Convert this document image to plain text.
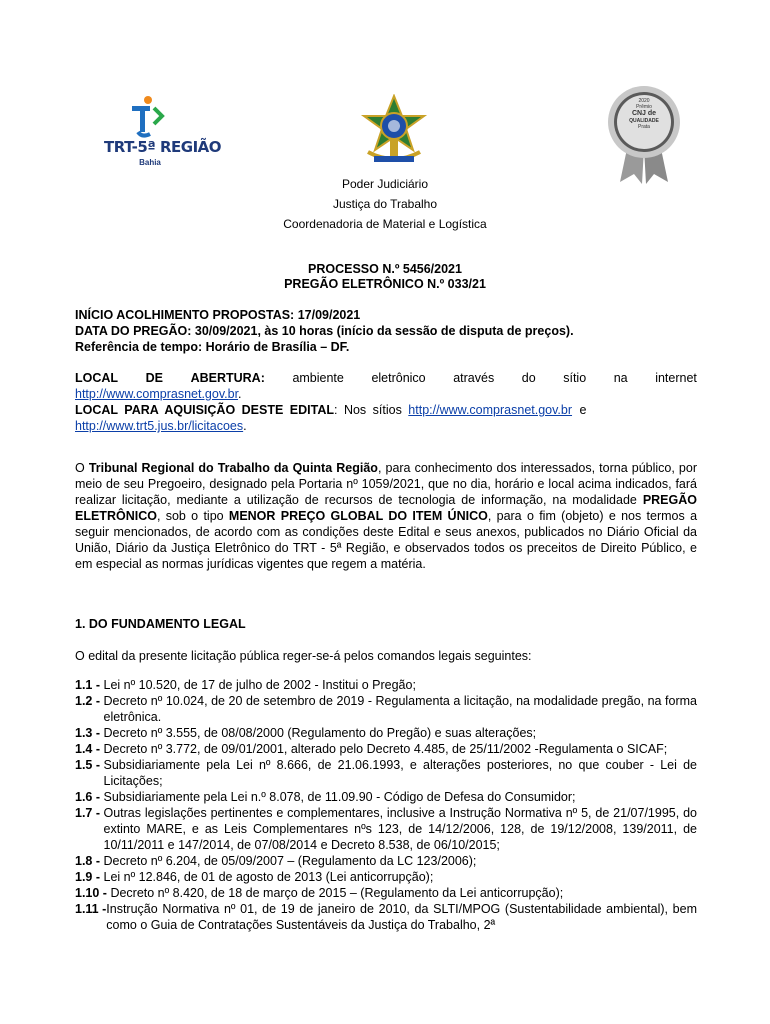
TRT-5ª REGIÃO
Bahia
2020
Prêmio
CNJ de
QUALIDADE
Prata
Poder Judiciário
Justiça do Trabalho
Coordenadoria de Material e Logística
PROCESSO N.º 5456/2021
PREGÃO ELETRÔNICO N.º 033/21
INÍCIO ACOLHIMENTO PROPOSTAS: 17/09/2021
DATA DO PREGÃO: 30/09/2021, às 10 horas (início da sessão de disputa de preços).
Referência de tempo: Horário de Brasília – DF.
LOCAL DE ABERTURA: ambiente eletrônico através do sítio na internet
http://www.comprasnet.gov.br.
LOCAL PARA AQUISIÇÃO DESTE EDITAL: Nos sítios http://www.comprasnet.gov.br e
http://www.trt5.jus.br/licitacoes.
O Tribunal Regional do Trabalho da Quinta Região, para conhecimento dos interessados, torna público, por meio de seu Pregoeiro, designado pela Portaria nº 1059/2021, que no dia, horário e local acima indicados, fará realizar licitação, mediante a utilização de recursos de tecnologia de informação, na modalidade PREGÃO ELETRÔNICO, sob o tipo MENOR PREÇO GLOBAL DO ITEM ÚNICO, para o fim (objeto) e nos termos a seguir mencionados, de acordo com as condições deste Edital e seus anexos, publicados no Diário Oficial da União, Diário da Justiça Eletrônico do TRT - 5ª Região, e observados todos os preceitos de Direito Público, e em especial as normas jurídicas vigentes que regem a matéria.
1. DO FUNDAMENTO LEGAL
O edital da presente licitação pública reger-se-á pelos comandos legais seguintes:
1.1 - Lei nº 10.520, de 17 de julho de 2002 - Institui o Pregão;
1.2 - Decreto nº 10.024, de 20 de setembro de 2019 - Regulamenta a licitação, na modalidade pregão, na forma eletrônica.
1.3 - Decreto nº 3.555, de 08/08/2000 (Regulamento do Pregão) e suas alterações;
1.4 - Decreto nº 3.772, de 09/01/2001, alterado pelo Decreto 4.485, de 25/11/2002 -Regulamenta o SICAF;
1.5 - Subsidiariamente pela Lei nº 8.666, de 21.06.1993, e alterações posteriores, no que couber - Lei de Licitações;
1.6 - Subsidiariamente pela Lei n.º 8.078, de 11.09.90 - Código de Defesa do Consumidor;
1.7 - Outras legislações pertinentes e complementares, inclusive a Instrução Normativa nº 5, de 21/07/1995, do extinto MARE, e as Leis Complementares nºs 123, de 14/12/2006, 128, de 19/12/2008, 139/2011, de 10/11/2011 e 147/2014, de 07/08/2014 e Decreto 8.538, de 06/10/2015;
1.8 - Decreto nº 6.204, de 05/09/2007 – (Regulamento da LC 123/2006);
1.9 - Lei nº 12.846, de 01 de agosto de 2013 (Lei anticorrupção);
1.10 - Decreto nº 8.420, de 18 de março de 2015 – (Regulamento da Lei anticorrupção);
1.11 - Instrução Normativa nº 01, de 19 de janeiro de 2010, da SLTI/MPOG (Sustentabilidade ambiental), bem como o Guia de Contratações Sustentáveis da Justiça do Trabalho, 2ª
